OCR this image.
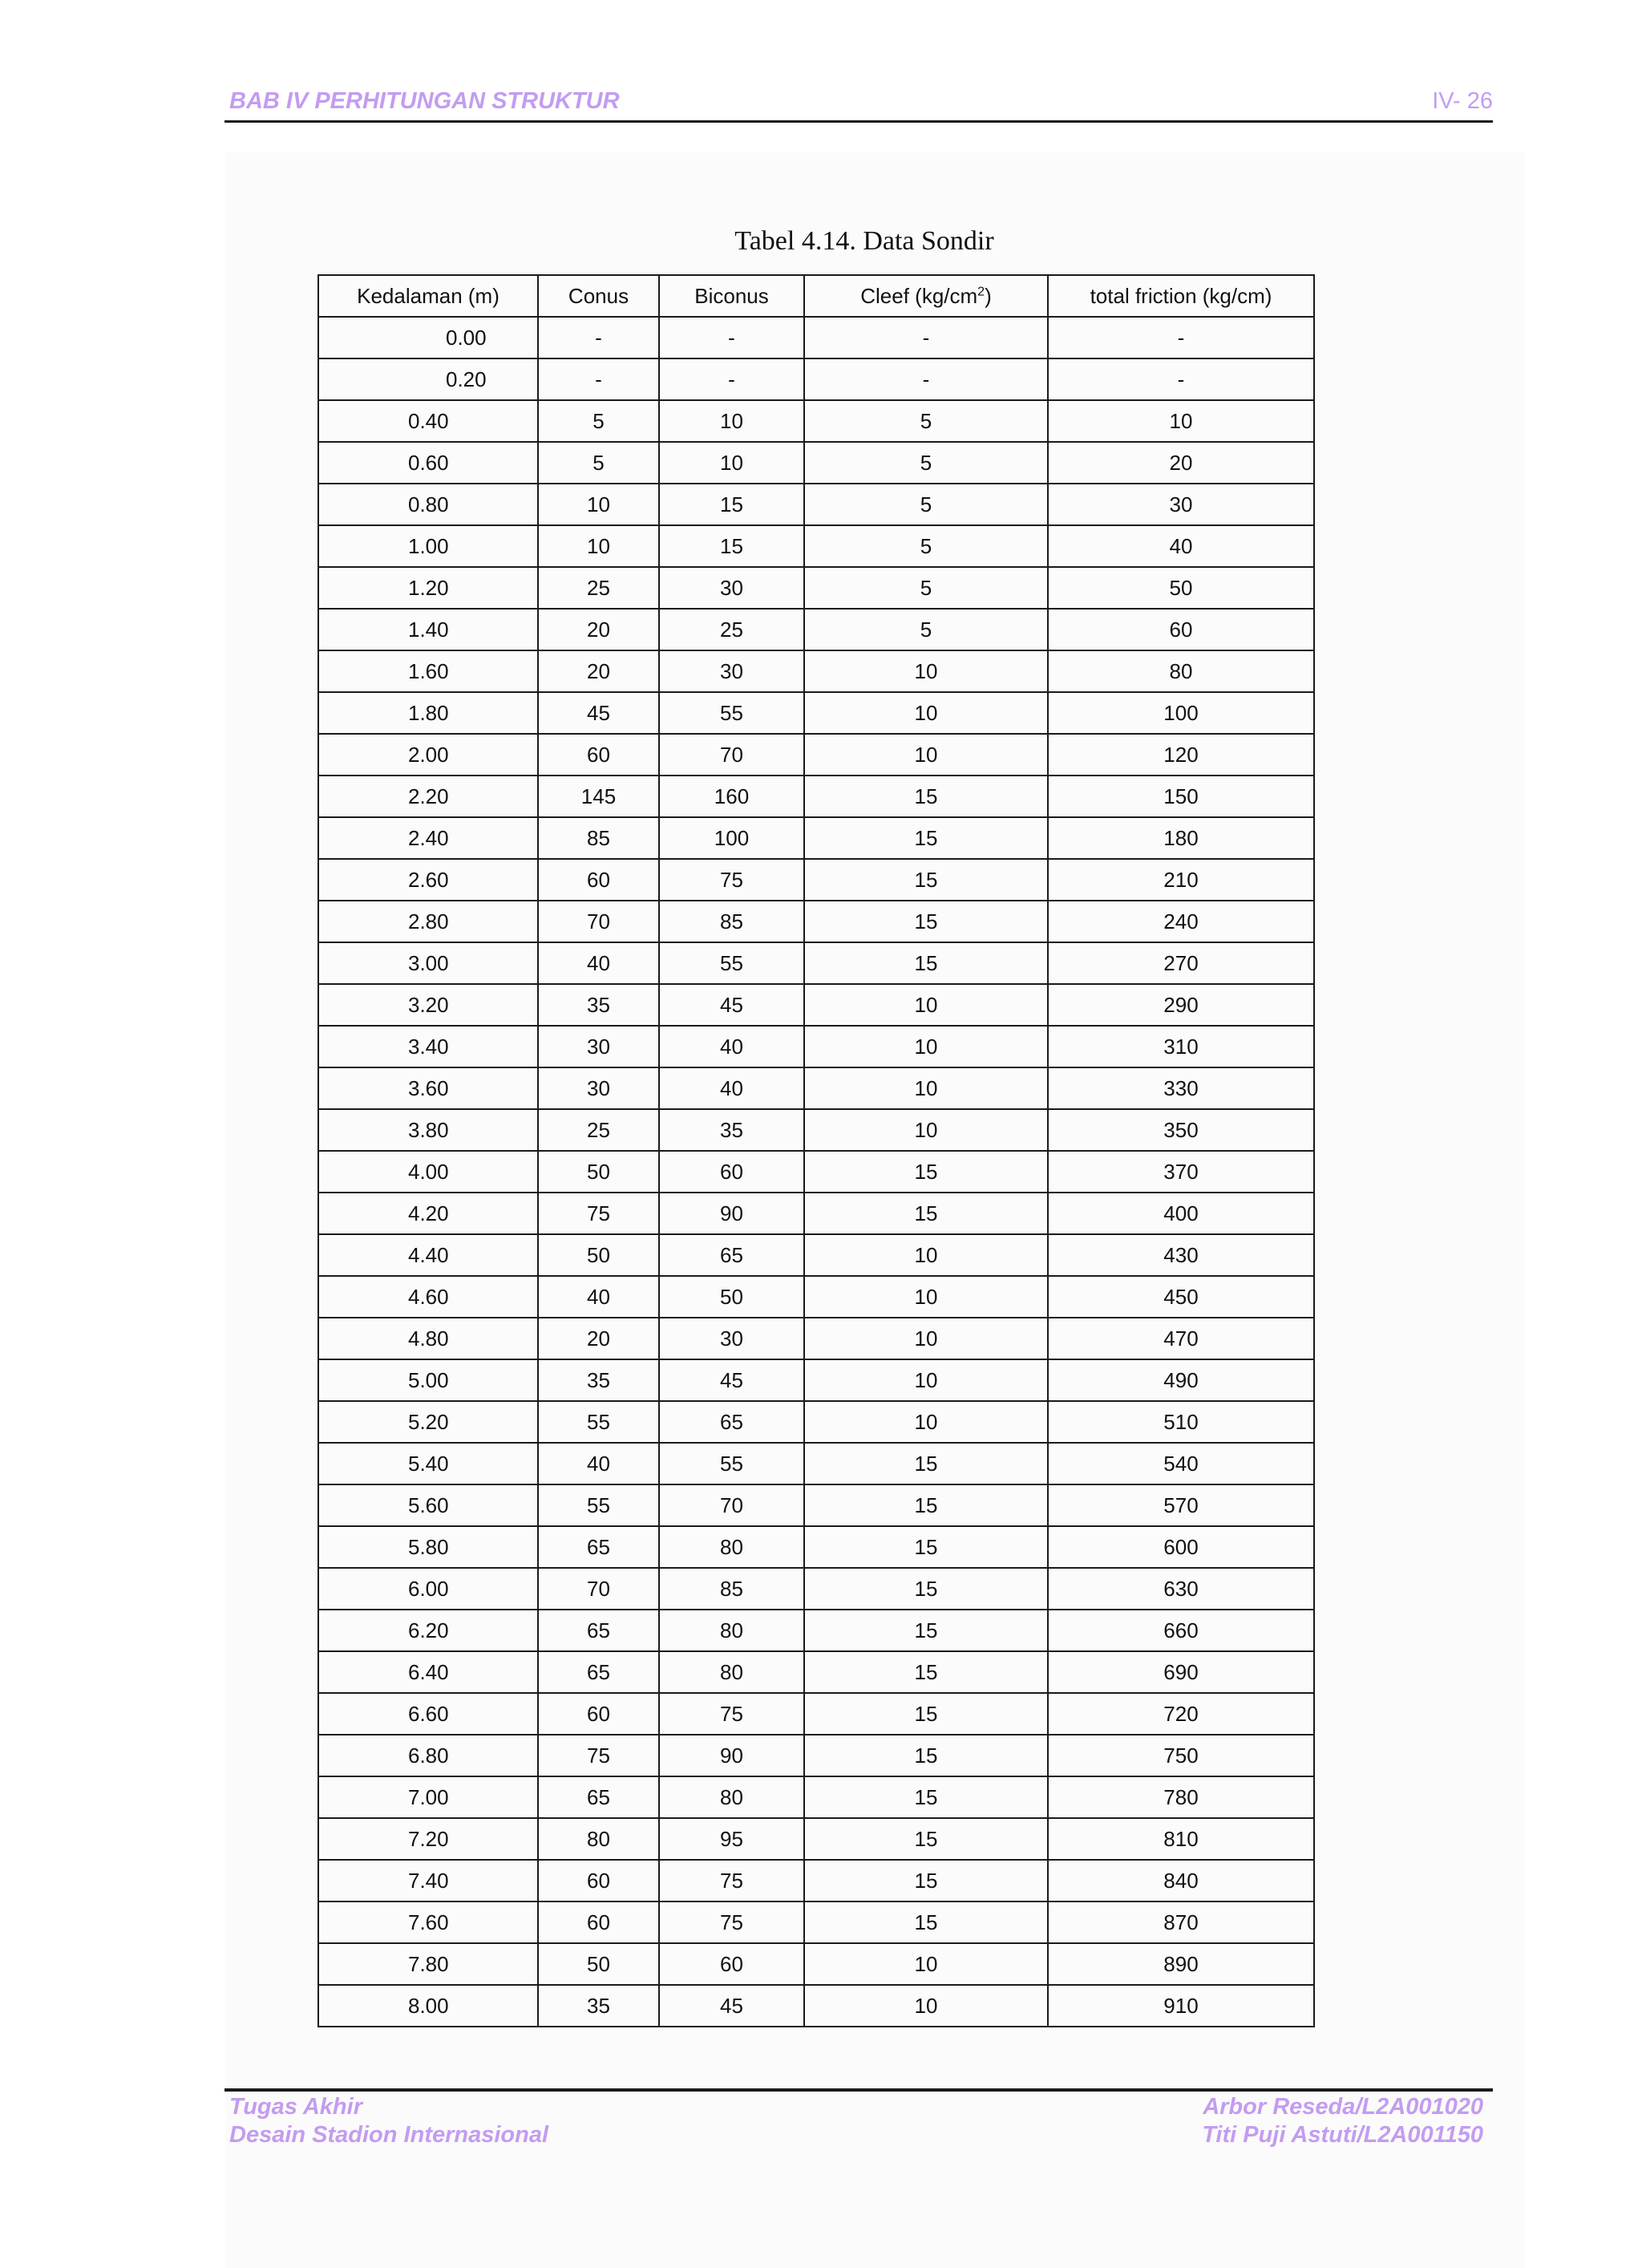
BAB IV PERHITUNGAN STRUKTUR	IV- 26
Tabel 4.14. Data Sondir
Kedalaman (m)	Conus	Biconus	Cleef $(kg/cm^2)$	total friction (kg/cm)
0.00	-	-	-	-
0.20	-	-	-	-
0.40	5	10	5	10
0.60	5	10	5	20
0.80	10	15	5	30
1.00	10	15	5	40
1.20	25	30	5	50
1.40	20	25	5	60
1.60	20	30	10	80
1.80	45	55	10	100
2.00	60	70	10	120
2.20	145	160	15	150
2.40	85	100	15	180
2.60	60	75	15	210
2.80	70	85	15	240
3.00	40	55	15	270
3.20	35	45	10	290
3.40	30	40	10	310
3.60	30	40	10	330
3.80	25	35	10	350
4.00	50	60	15	370
4.20	75	90	15	400
4.40	50	65	10	430
4.60	40	50	10	450
4.80	20	30	10	470
5.00	35	45	10	490
5.20	55	65	10	510
5.40	40	55	15	540
5.60	55	70	15	570
5.80	65	80	15	600
6.00	70	85	15	630
6.20	65	80	15	660
6.40	65	80	15	690
6.60	60	75	15	720
6.80	75	90	15	750
7.00	65	80	15	780
7.20	80	95	15	810
7.40	60	75	15	840
7.60	60	75	15	870
7.80	50	60	10	890
8.00	35	45	10	910
Tugas Akhir
Desain Stadion Internasional
Arbor Reseda/L2A001020
Titi Puji Astuti/L2A001150
